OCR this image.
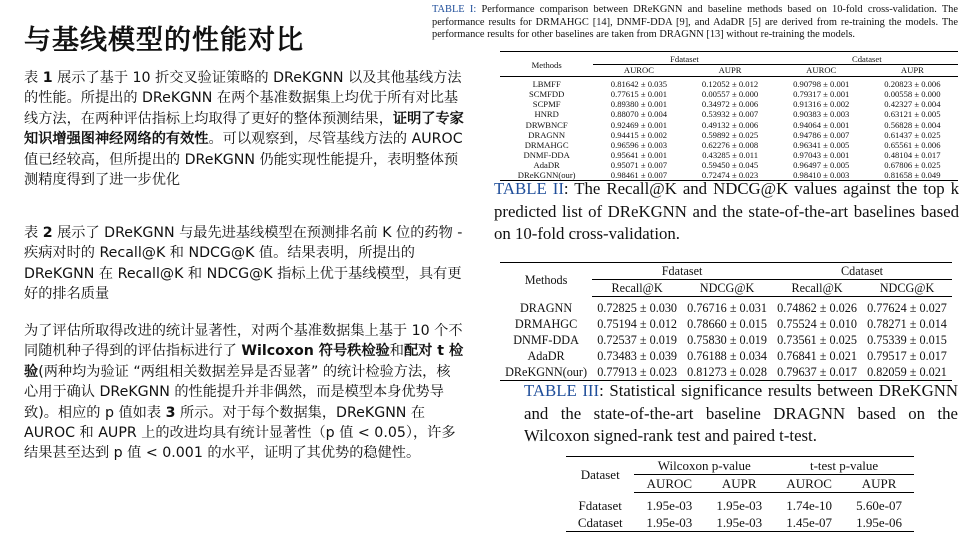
与基线模型的性能对比
表 1 展示了基于 10 折交叉验证策略的 DReKGNN 以及其他基线方法的性能。所提出的 DReKGNN 在两个基准数据集上均优于所有对比基线方法，在两种评估指标上均取得了更好的整体预测结果，证明了专家知识增强图神经网络的有效性。可以观察到，尽管基线方法的 AUROC 值已经较高，但所提出的 DReKGNN 仍能实现性能提升，表明整体预测精度得到了进一步优化
表 2 展示了 DReKGNN 与最先进基线模型在预测排名前 K 位的药物 - 疾病对时的 Recall@K 和 NDCG@K 值。结果表明，所提出的 DReKGNN 在 Recall@K 和 NDCG@K 指标上优于基线模型，具有更好的排名质量
为了评估所取得改进的统计显著性，对两个基准数据集上基于 10 个不同随机种子得到的评估指标进行了 Wilcoxon 符号秩检验和配对 t 检验(两种均为验证 “两组相关数据差异是否显著” 的统计检验方法，核心用于确认 DReKGNN 的性能提升并非偶然，而是模型本身优势导致)。相应的 p 值如表 3 所示。对于每个数据集，DReKGNN 在 AUROC 和 AUPR 上的改进均具有统计显著性（p 值 < 0.05），许多结果甚至达到 p 值 < 0.001 的水平，证明了其优势的稳健性。
TABLE I: Performance comparison between DReKGNN and baseline methods based on 10-fold cross-validation. The performance results for DRMAHGC [14], DNMF-DDA [9], and AdaDR [5] are derived from re-training the models. The performance results for other baselines are taken from DRAGNN [13] without re-training the models.
Methods	Fdataset		Cdataset	
	AUROC	AUPR	AUROC	AUPR
LBMFF	0.81642 ± 0.035	0.12052 ± 0.012	0.90798 ± 0.001	0.20823 ± 0.006
SCMFDD	0.77615 ± 0.001	0.00557 ± 0.000	0.79317 ± 0.001	0.00558 ± 0.000
SCPMF	0.89380 ± 0.001	0.34972 ± 0.006	0.91316 ± 0.002	0.42327 ± 0.004
HNRD	0.88070 ± 0.004	0.53932 ± 0.007	0.90383 ± 0.003	0.63121 ± 0.005
DRWBNCF	0.92469 ± 0.001	0.49132 ± 0.006	0.94064 ± 0.001	0.56828 ± 0.004
DRAGNN	0.94415 ± 0.002	0.59892 ± 0.025	0.94786 ± 0.007	0.61437 ± 0.025
DRMAHGC	0.96596 ± 0.003	0.62276 ± 0.008	0.96341 ± 0.005	0.65561 ± 0.006
DNMF-DDA	0.95641 ± 0.001	0.43285 ± 0.011	0.97043 ± 0.001	0.48104 ± 0.017
AdaDR	0.95071 ± 0.007	0.59450 ± 0.045	0.96497 ± 0.005	0.67806 ± 0.025
DReKGNN(our)	0.98461 ± 0.007	0.72474 ± 0.023	0.98410 ± 0.003	0.81658 ± 0.049
TABLE II: The Recall@K and NDCG@K values against the top k predicted list of DReKGNN and the state-of-the-art baselines based on 10-fold cross-validation.
Methods	Fdataset		Cdataset	
	Recall@K	NDCG@K	Recall@K	NDCG@K
DRAGNN	0.72825 ± 0.030	0.76716 ± 0.031	0.74862 ± 0.026	0.77624 ± 0.027
DRMAHGC	0.75194 ± 0.012	0.78660 ± 0.015	0.75524 ± 0.010	0.78271 ± 0.014
DNMF-DDA	0.72537 ± 0.019	0.75830 ± 0.019	0.73561 ± 0.025	0.75339 ± 0.015
AdaDR	0.73483 ± 0.039	0.76188 ± 0.034	0.76841 ± 0.021	0.79517 ± 0.017
DReKGNN(our)	0.77913 ± 0.023	0.81273 ± 0.028	0.79637 ± 0.017	0.82059 ± 0.021
TABLE III: Statistical significance results between DReKGNN and the state-of-the-art baseline DRAGNN based on the Wilcoxon signed-rank test and paired t-test.
Dataset	Wilcoxon p-value		t-test p-value	
	AUROC	AUPR	AUROC	AUPR
Fdataset	1.95e-03	1.95e-03	1.74e-10	5.60e-07
Cdataset	1.95e-03	1.95e-03	1.45e-07	1.95e-06
